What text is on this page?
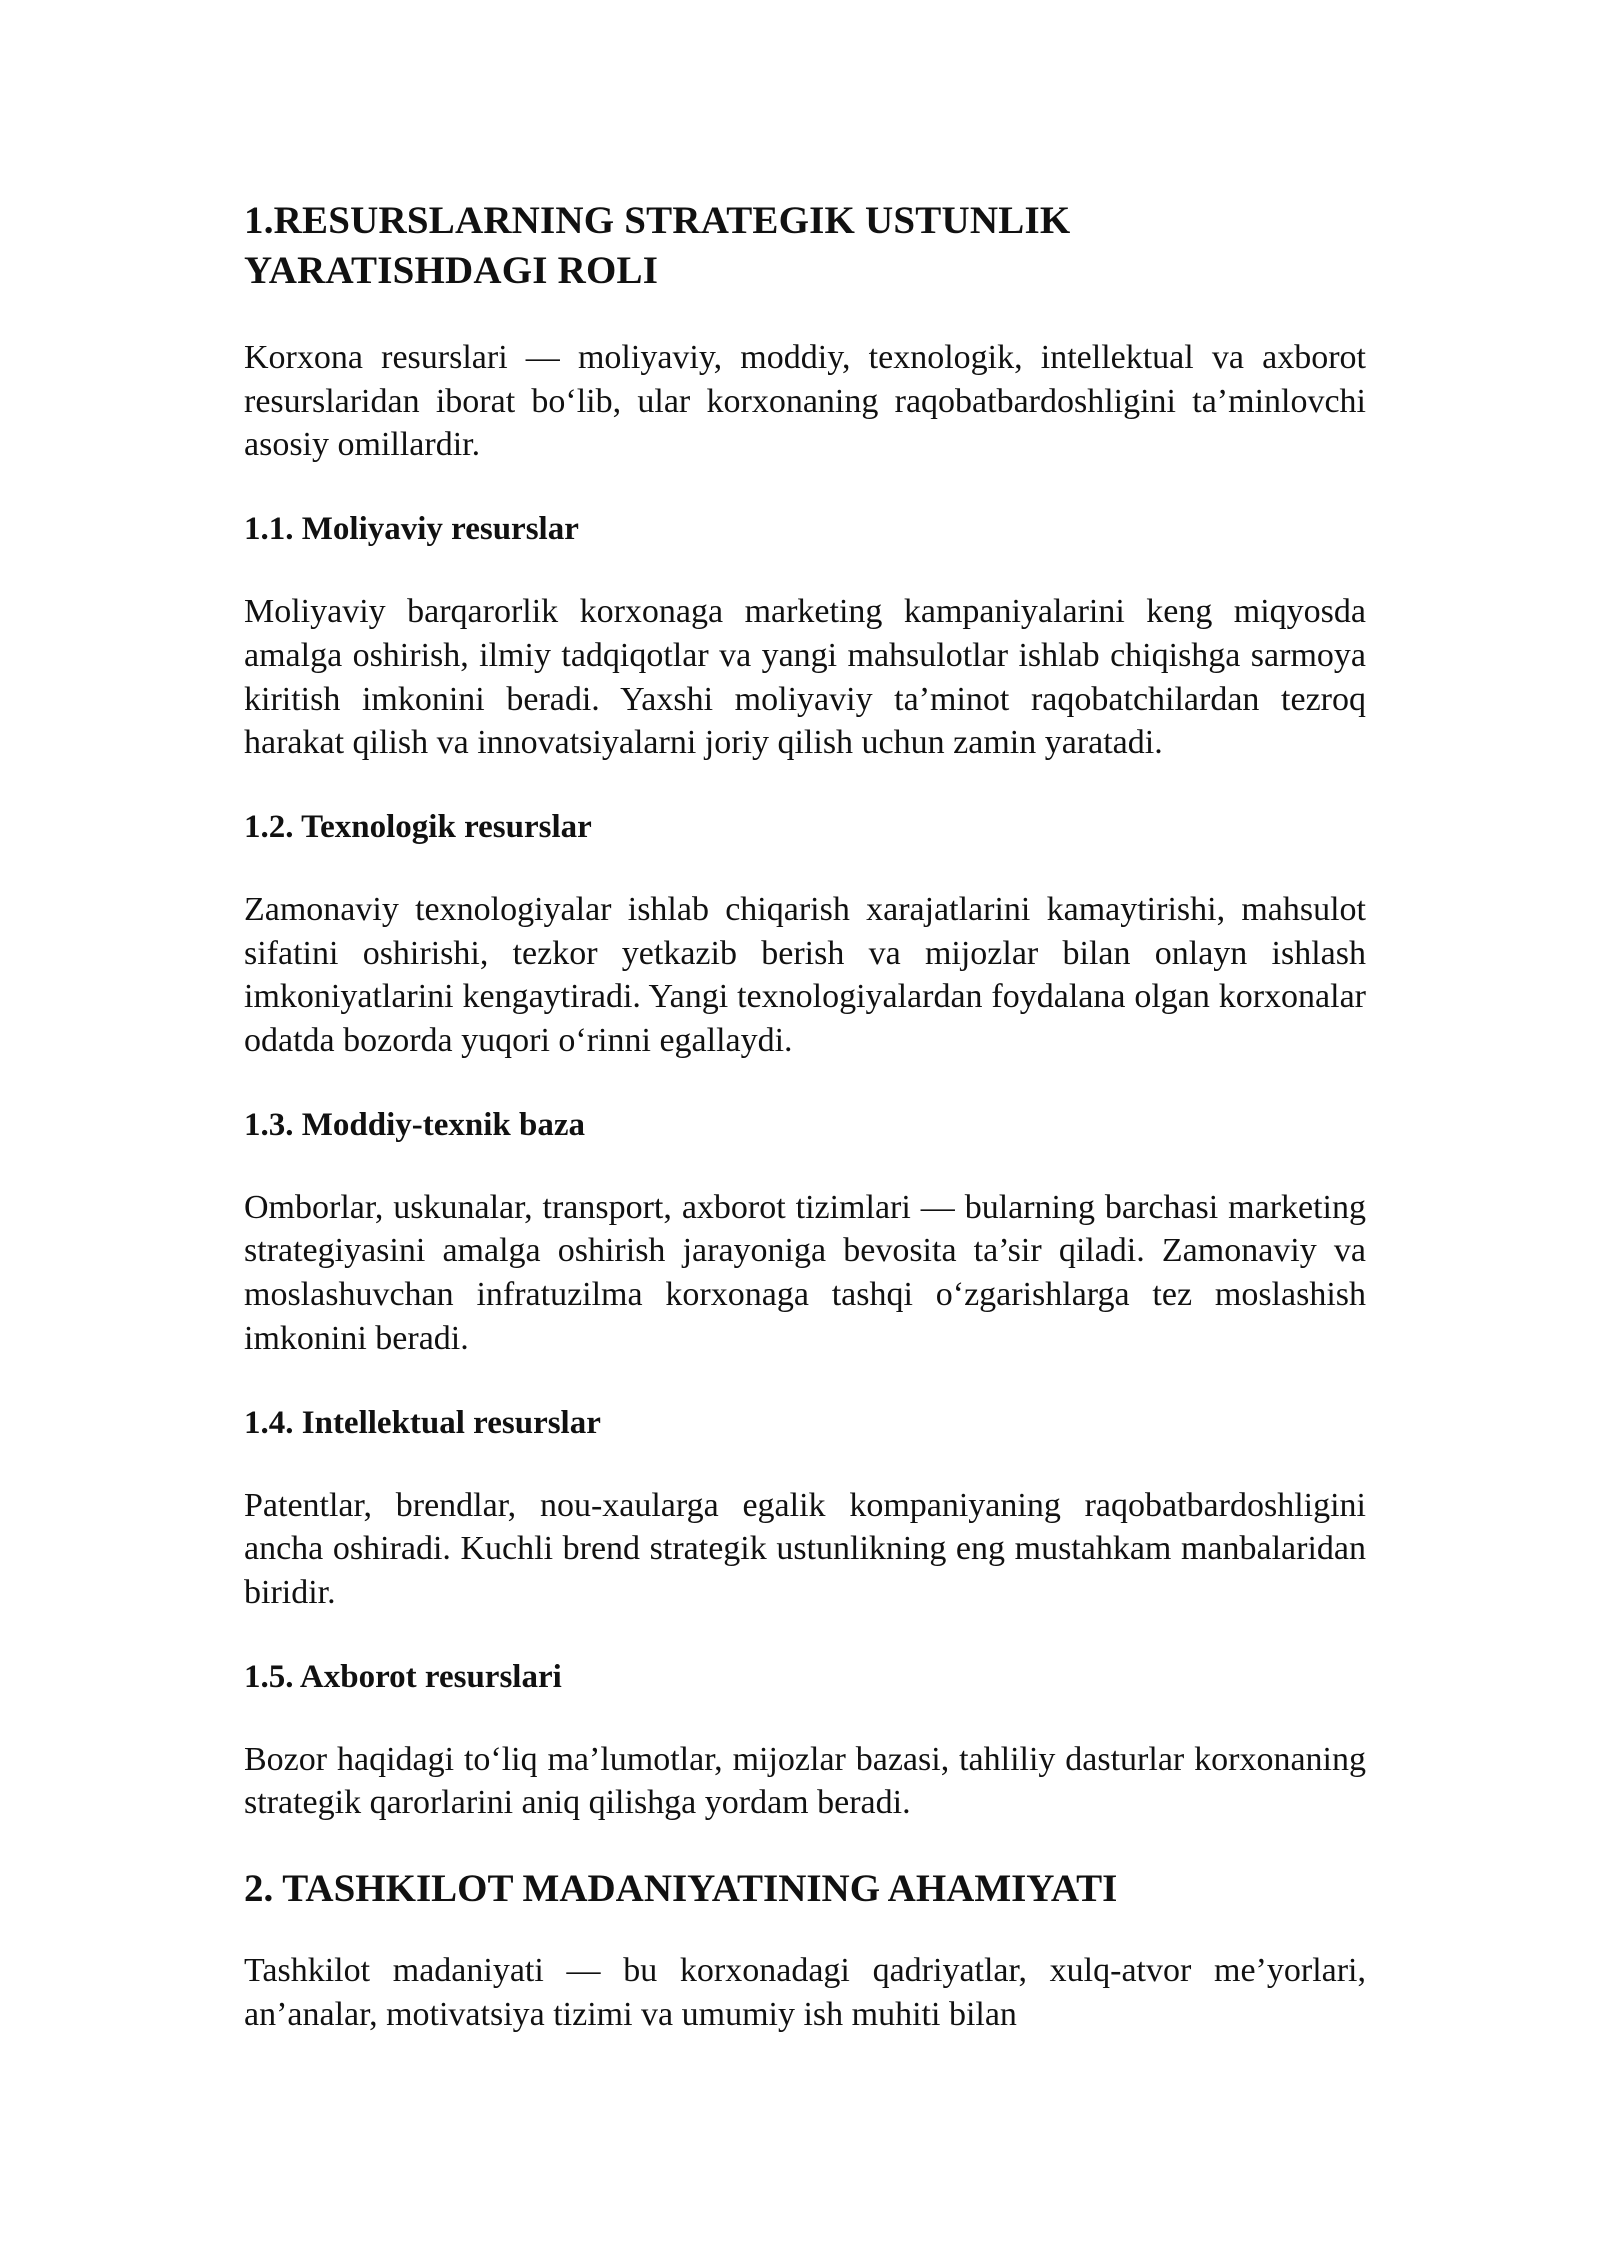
1.RESURSLARNING STRATEGIK USTUNLIK YARATISHDAGI ROLI

Korxona resurslari — moliyaviy, moddiy, texnologik, intellektual va axborot resurslaridan iborat bo‘lib, ular korxonaning raqobatbardoshligini ta’minlovchi asosiy omillardir.

1.1. Moliyaviy resurslar

Moliyaviy barqarorlik korxonaga marketing kampaniyalarini keng miqyosda amalga oshirish, ilmiy tadqiqotlar va yangi mahsulotlar ishlab chiqishga sarmoya kiritish imkonini beradi. Yaxshi moliyaviy ta’minot raqobatchilardan tezroq harakat qilish va innovatsiyalarni joriy qilish uchun zamin yaratadi.

1.2. Texnologik resurslar

Zamonaviy texnologiyalar ishlab chiqarish xarajatlarini kamaytirishi, mahsulot sifatini oshirishi, tezkor yetkazib berish va mijozlar bilan onlayn ishlash imkoniyatlarini kengaytiradi. Yangi texnologiyalardan foydalana olgan korxonalar odatda bozorda yuqori o‘rinni egallaydi.

1.3. Moddiy-texnik baza

Omborlar, uskunalar, transport, axborot tizimlari — bularning barchasi marketing strategiyasini amalga oshirish jarayoniga bevosita ta’sir qiladi. Zamonaviy va moslashuvchan infratuzilma korxonaga tashqi o‘zgarishlarga tez moslashish imkonini beradi.

1.4. Intellektual resurslar

Patentlar, brendlar, nou-xaularga egalik kompaniyaning raqobatbardoshligini ancha oshiradi. Kuchli brend strategik ustunlikning eng mustahkam manbalaridan biridir.

1.5. Axborot resurslari

Bozor haqidagi to‘liq ma’lumotlar, mijozlar bazasi, tahliliy dasturlar korxonaning strategik qarorlarini aniq qilishga yordam beradi.

2. TASHKILOT MADANIYATINING AHAMIYATI

Tashkilot madaniyati — bu korxonadagi qadriyatlar, xulq-atvor me’yorlari, an’analar, motivatsiya tizimi va umumiy ish muhiti bilan
